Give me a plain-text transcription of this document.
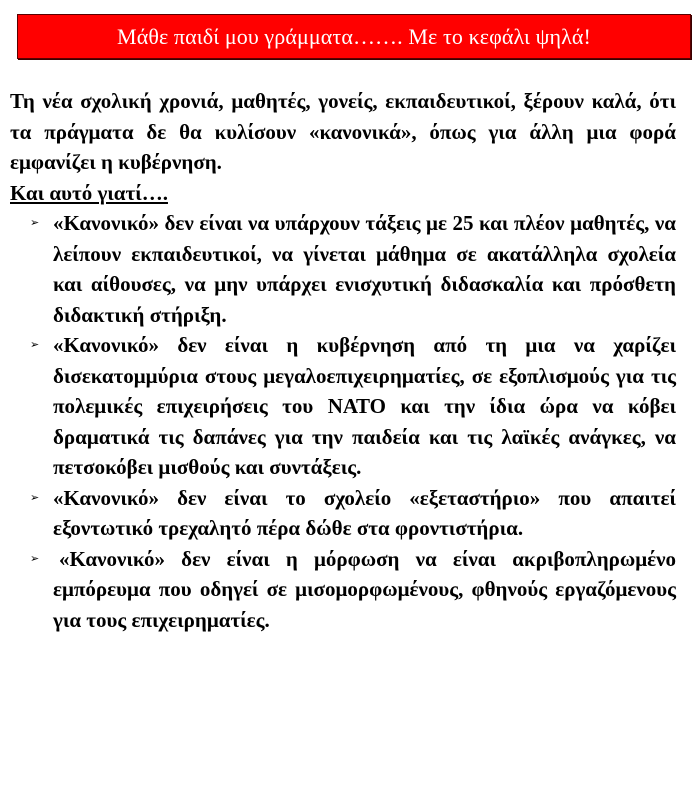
Μάθε παιδί μου γράμματα……. Με το κεφάλι ψηλά!

Τη νέα σχολική χρονιά, μαθητές, γονείς, εκπαιδευτικοί, ξέρουν καλά, ότι τα πράγματα δε θα κυλίσουν «κανονικά», όπως για άλλη μια φορά εμφανίζει η κυβέρνηση.

Και αυτό γιατί….

➢ «Κανονικό» δεν είναι να υπάρχουν τάξεις με 25 και πλέον μαθητές, να λείπουν εκπαιδευτικοί, να γίνεται μάθημα σε ακατάλληλα σχολεία και αίθουσες, να μην υπάρχει ενισχυτική διδασκαλία και πρόσθετη διδακτική στήριξη.
➢ «Κανονικό» δεν είναι η κυβέρνηση από τη μια να χαρίζει δισεκατομμύρια στους μεγαλοεπιχειρηματίες, σε εξοπλισμούς για τις πολεμικές επιχειρήσεις του ΝΑΤΟ και την ίδια ώρα να κόβει δραματικά τις δαπάνες για την παιδεία και τις λαϊκές ανάγκες, να πετσοκόβει μισθούς και συντάξεις.
➢ «Κανονικό» δεν είναι το σχολείο «εξεταστήριο» που απαιτεί εξοντωτικό τρεχαλητό πέρα δώθε στα φροντιστήρια.
➢ «Κανονικό» δεν είναι η μόρφωση να είναι ακριβοπληρωμένο εμπόρευμα που οδηγεί σε μισομορφωμένους, φθηνούς εργαζόμενους για τους επιχειρηματίες.
